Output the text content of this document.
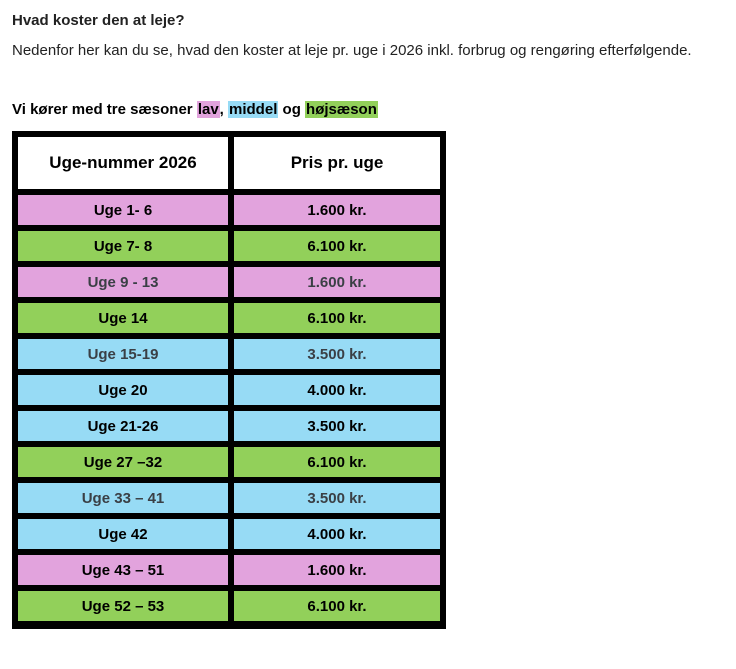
Hvad koster den at leje?
Nedenfor her kan du se, hvad den koster at leje pr. uge i 2026 inkl. forbrug og rengøring efterfølgende.
Vi kører med tre sæsoner lav, middel og højsæson
Uge-nummer 2026	Pris pr. uge
Uge 1- 6	1.600 kr.
Uge 7- 8	6.100 kr.
Uge 9 - 13	1.600 kr.
Uge 14	6.100 kr.
Uge 15-19	3.500 kr.
Uge 20	4.000 kr.
Uge 21-26	3.500 kr.
Uge 27 –32	6.100 kr.
Uge 33 – 41	3.500 kr.
Uge 42	4.000 kr.
Uge 43 – 51	1.600 kr.
Uge 52 – 53	6.100 kr.
